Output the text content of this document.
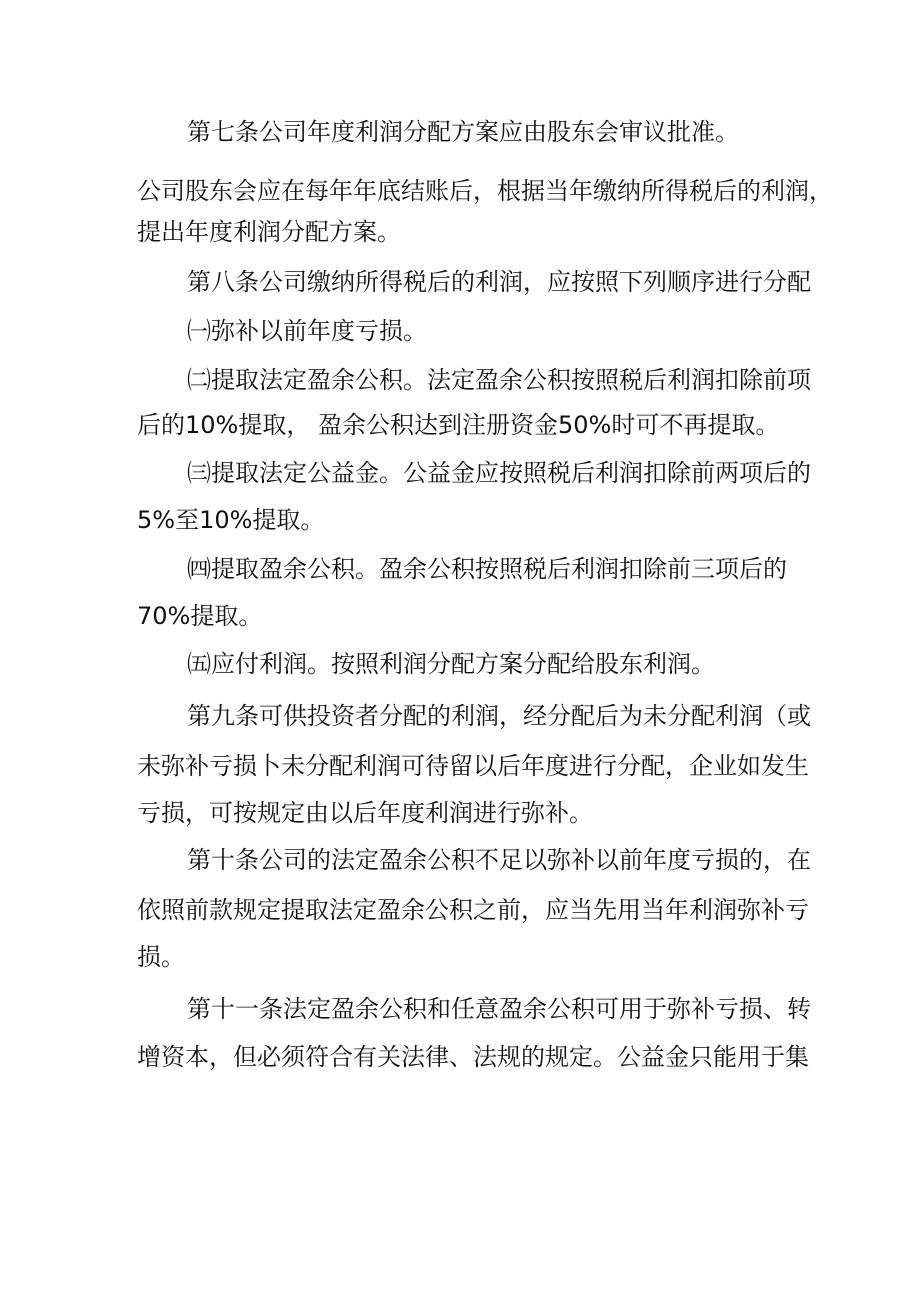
第七条公司年度利润分配方案应由股东会审议批准。

公司股东会应在每年年底结账后，根据当年缴纳所得税后的利润，

提出年度利润分配方案。

第八条公司缴纳所得税后的利润，应按照下列顺序进行分配

㈠弥补以前年度亏损。

㈡提取法定盈余公积。法定盈余公积按照税后利润扣除前项

后的10%提取， 盈余公积达到注册资金50%时可不再提取。

㈢提取法定公益金。公益金应按照税后利润扣除前两项后的

5%至10%提取。

㈣提取盈余公积。盈余公积按照税后利润扣除前三项后的

70%提取。

㈤应付利润。按照利润分配方案分配给股东利润。

第九条可供投资者分配的利润，经分配后为未分配利润（或

未弥补亏损卜未分配利润可待留以后年度进行分配，企业如发生

亏损，可按规定由以后年度利润进行弥补。

第十条公司的法定盈余公积不足以弥补以前年度亏损的，在

依照前款规定提取法定盈余公积之前，应当先用当年利润弥补亏

损。

第十一条法定盈余公积和任意盈余公积可用于弥补亏损、转

增资本，但必须符合有关法律、法规的规定。公益金只能用于集
